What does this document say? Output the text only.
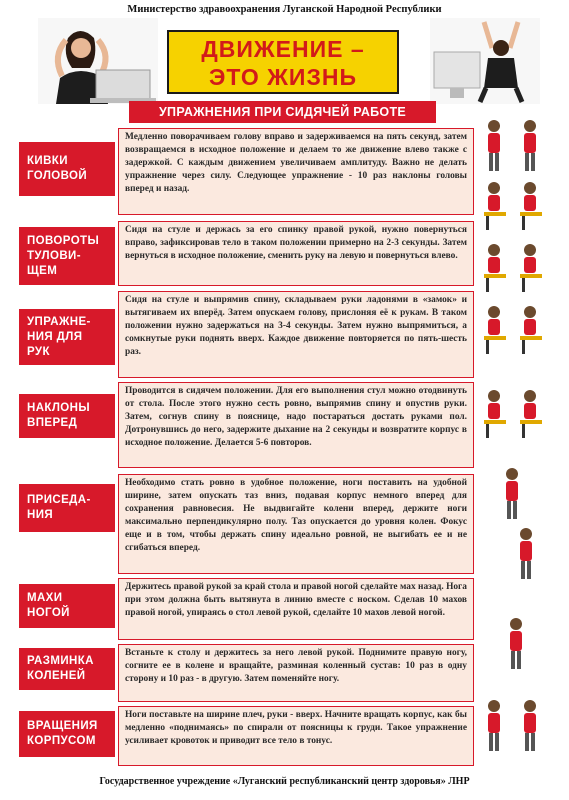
Министерство здравоохранения Луганской Народной Республики
ДВИЖЕНИЕ –
ЭТО ЖИЗНЬ
УПРАЖНЕНИЯ ПРИ СИДЯЧЕЙ РАБОТЕ
КИВКИ
ГОЛОВОЙ
Медленно поворачиваем голову вправо и задерживаемся на пять секунд, затем возвращаемся в исходное положение и делаем то же движение влево также с задержкой. С каждым движением увеличиваем амплитуду. Важно не делать упражнение через силу. Следующее упражнение - 10 раз наклоны головы вперед и назад.
ПОВОРОТЫ
ТУЛОВИ-
ЩЕМ
Сидя на стуле и держась за его спинку правой рукой, нужно повернуться вправо, зафиксировав тело в таком положении примерно на 2-3 секунды. Затем вернуться в исходное положение, сменить руку на левую и повернуться влево.
УПРАЖНЕ-
НИЯ ДЛЯ
РУК
Сидя на стуле и выпрямив спину, складываем руки ладонями в «замок» и вытягиваем их вперёд. Затем опускаем голову, прислоняя её к рукам. В таком положении нужно задержаться на 3-4 секунды. Затем нужно выпрямиться, а сомкнутые руки поднять вверх. Каждое движение повторяется по пять-шесть раз.
НАКЛОНЫ
ВПЕРЕД
Проводится в сидячем положении. Для его выполнения стул можно отодвинуть от стола. После этого нужно сесть ровно, выпрямив спину и опустив руки. Затем, согнув спину в пояснице, надо постараться достать руками пол. Дотронувшись до него, задержите дыхание на 2 секунды и возвратите корпус в исходное положение. Делается 5-6 повторов.
ПРИСЕДА-
НИЯ
Необходимо стать ровно в удобное положение, ноги поставить на удобной ширине, затем опускать таз вниз, подавая корпус немного вперед для сохранения равновесия. Не выдвигайте колени вперед, держите ноги максимально перпендикулярно полу. Таз опускается до уровня колен. Фокус еще и в том, чтобы держать спину идеально ровной, не выгибать ее и не сгибаться вперед.
МАХИ
НОГОЙ
Держитесь правой рукой за край стола и правой ногой сделайте мах назад. Нога при этом должна быть вытянута в линию вместе с носком. Сделав 10 махов правой ногой, упираясь о стол левой рукой, сделайте 10 махов левой ногой.
РАЗМИНКА
КОЛЕНЕЙ
Встаньте к столу и держитесь за него левой рукой. Поднимите правую ногу, согните ее в колене и вращайте, разминая коленный сустав: 10 раз в одну сторону и 10 раз - в другую. Затем поменяйте ногу.
ВРАЩЕНИЯ
КОРПУСОМ
Ноги поставьте на ширине плеч, руки - вверх. Начните вращать корпус, как бы медленно «поднимаясь» по спирали от поясницы к груди. Такое упражнение усиливает кровоток и приводит все тело в тонус.
Государственное учреждение «Луганский республиканский центр здоровья» ЛНР
